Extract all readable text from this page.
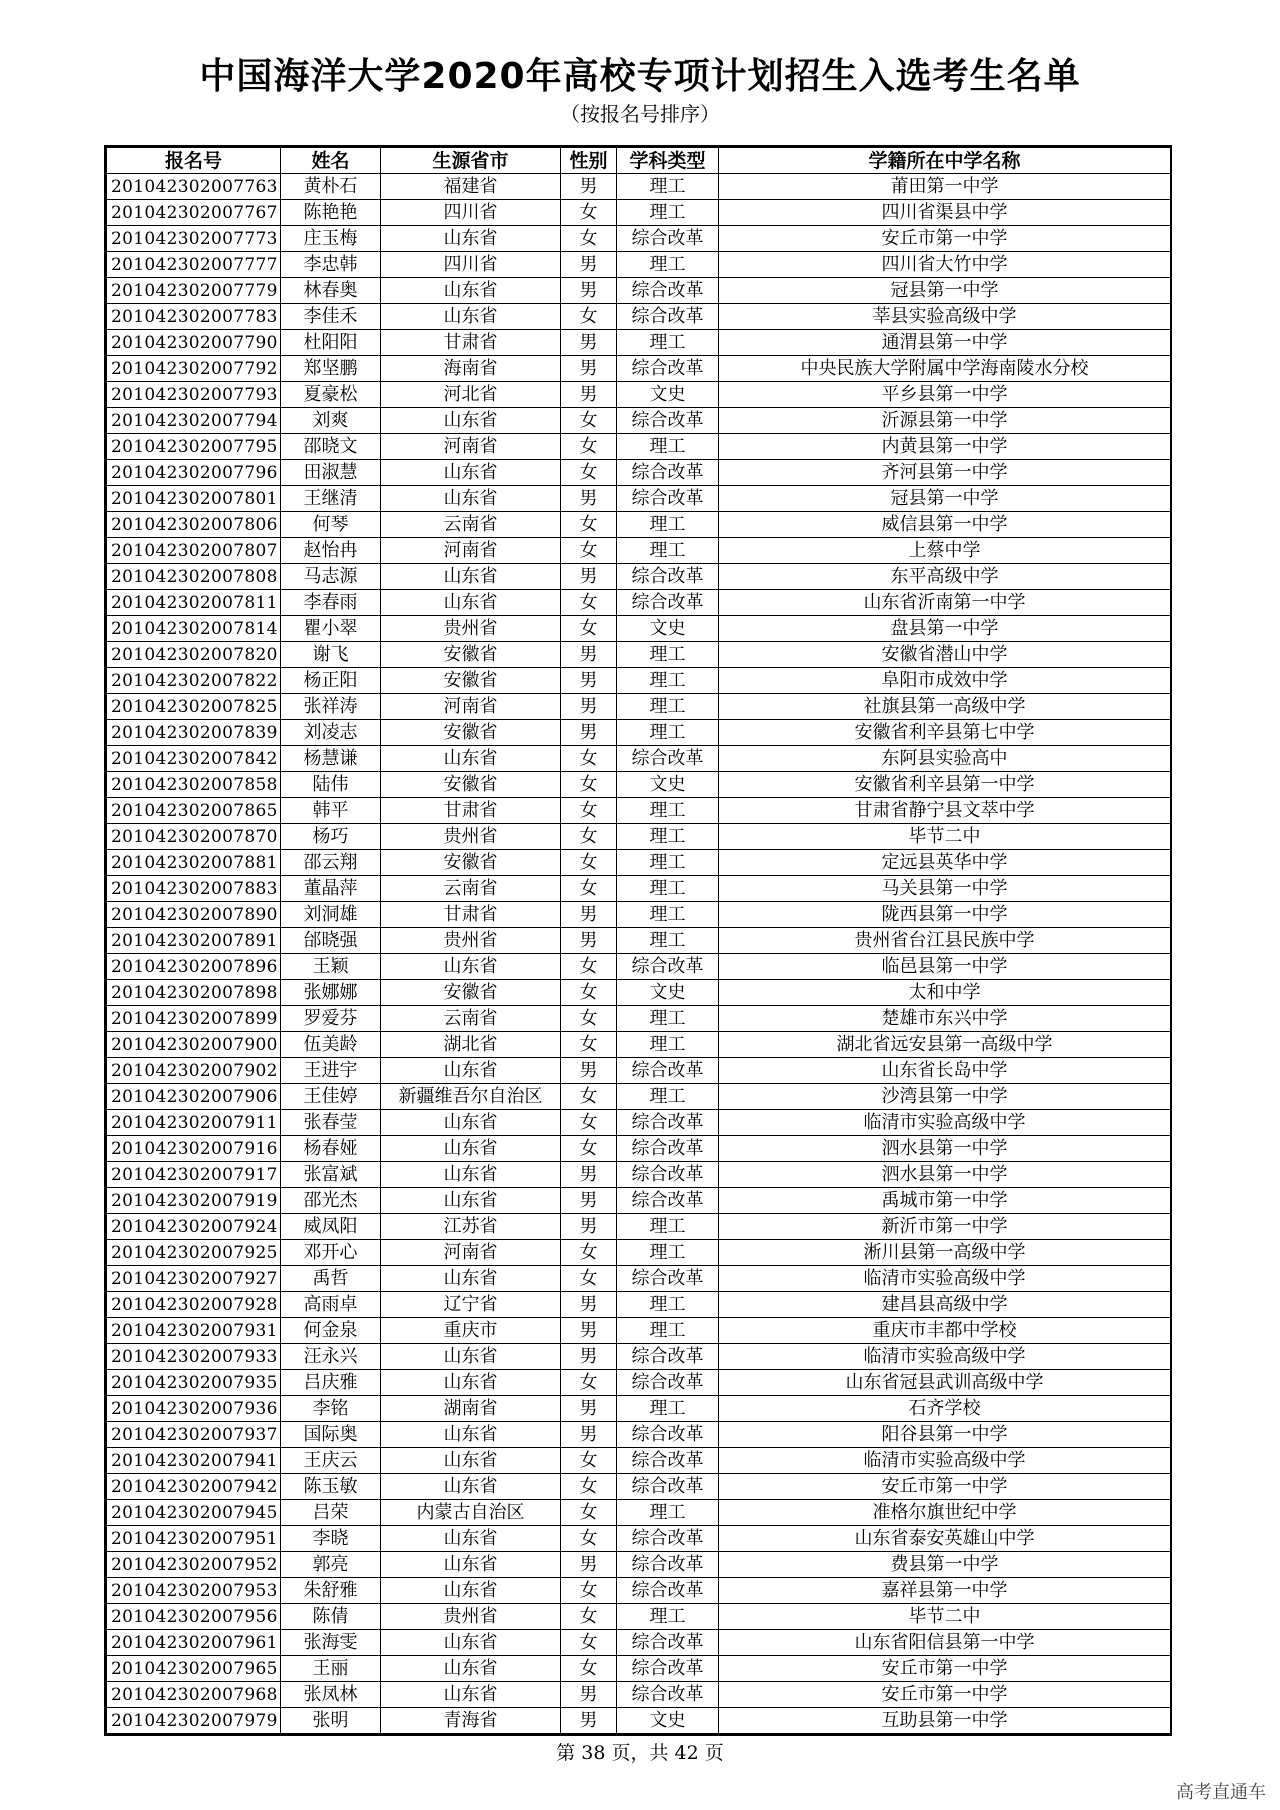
中国海洋大学2020年高校专项计划招生入选考生名单
（按报名号排序）
报名号	姓名	生源省市	性别	学科类型	学籍所在中学名称
201042302007763	黄朴石	福建省	男	理工	莆田第一中学
201042302007767	陈艳艳	四川省	女	理工	四川省渠县中学
201042302007773	庄玉梅	山东省	女	综合改革	安丘市第一中学
201042302007777	李忠韩	四川省	男	理工	四川省大竹中学
201042302007779	林春奥	山东省	男	综合改革	冠县第一中学
201042302007783	李佳禾	山东省	女	综合改革	莘县实验高级中学
201042302007790	杜阳阳	甘肃省	男	理工	通渭县第一中学
201042302007792	郑坚鹏	海南省	男	综合改革	中央民族大学附属中学海南陵水分校
201042302007793	夏豪松	河北省	男	文史	平乡县第一中学
201042302007794	刘爽	山东省	女	综合改革	沂源县第一中学
201042302007795	邵晓文	河南省	女	理工	内黄县第一中学
201042302007796	田淑慧	山东省	女	综合改革	齐河县第一中学
201042302007801	王继清	山东省	男	综合改革	冠县第一中学
201042302007806	何琴	云南省	女	理工	威信县第一中学
201042302007807	赵怡冉	河南省	女	理工	上蔡中学
201042302007808	马志源	山东省	男	综合改革	东平高级中学
201042302007811	李春雨	山东省	女	综合改革	山东省沂南第一中学
201042302007814	瞿小翠	贵州省	女	文史	盘县第一中学
201042302007820	谢飞	安徽省	男	理工	安徽省潜山中学
201042302007822	杨正阳	安徽省	男	理工	阜阳市成效中学
201042302007825	张祥涛	河南省	男	理工	社旗县第一高级中学
201042302007839	刘凌志	安徽省	男	理工	安徽省利辛县第七中学
201042302007842	杨慧谦	山东省	女	综合改革	东阿县实验高中
201042302007858	陆伟	安徽省	女	文史	安徽省利辛县第一中学
201042302007865	韩平	甘肃省	女	理工	甘肃省静宁县文萃中学
201042302007870	杨巧	贵州省	女	理工	毕节二中
201042302007881	邵云翔	安徽省	女	理工	定远县英华中学
201042302007883	董晶萍	云南省	女	理工	马关县第一中学
201042302007890	刘洞雄	甘肃省	男	理工	陇西县第一中学
201042302007891	邰晓强	贵州省	男	理工	贵州省台江县民族中学
201042302007896	王颖	山东省	女	综合改革	临邑县第一中学
201042302007898	张娜娜	安徽省	女	文史	太和中学
201042302007899	罗爱芬	云南省	女	理工	楚雄市东兴中学
201042302007900	伍美龄	湖北省	女	理工	湖北省远安县第一高级中学
201042302007902	王进宇	山东省	男	综合改革	山东省长岛中学
201042302007906	王佳婷	新疆维吾尔自治区	女	理工	沙湾县第一中学
201042302007911	张春莹	山东省	女	综合改革	临清市实验高级中学
201042302007916	杨春娅	山东省	女	综合改革	泗水县第一中学
201042302007917	张富斌	山东省	男	综合改革	泗水县第一中学
201042302007919	邵光杰	山东省	男	综合改革	禹城市第一中学
201042302007924	威凤阳	江苏省	男	理工	新沂市第一中学
201042302007925	邓开心	河南省	女	理工	淅川县第一高级中学
201042302007927	禹哲	山东省	女	综合改革	临清市实验高级中学
201042302007928	高雨卓	辽宁省	男	理工	建昌县高级中学
201042302007931	何金泉	重庆市	男	理工	重庆市丰都中学校
201042302007933	汪永兴	山东省	男	综合改革	临清市实验高级中学
201042302007935	吕庆雅	山东省	女	综合改革	山东省冠县武训高级中学
201042302007936	李铭	湖南省	男	理工	石齐学校
201042302007937	国际奥	山东省	男	综合改革	阳谷县第一中学
201042302007941	王庆云	山东省	女	综合改革	临清市实验高级中学
201042302007942	陈玉敏	山东省	女	综合改革	安丘市第一中学
201042302007945	吕荣	内蒙古自治区	女	理工	准格尔旗世纪中学
201042302007951	李晓	山东省	女	综合改革	山东省泰安英雄山中学
201042302007952	郭亮	山东省	男	综合改革	费县第一中学
201042302007953	朱舒雅	山东省	女	综合改革	嘉祥县第一中学
201042302007956	陈倩	贵州省	女	理工	毕节二中
201042302007961	张海雯	山东省	女	综合改革	山东省阳信县第一中学
201042302007965	王丽	山东省	女	综合改革	安丘市第一中学
201042302007968	张凤林	山东省	男	综合改革	安丘市第一中学
201042302007979	张明	青海省	男	文史	互助县第一中学
第 38 页，共 42 页
高考直通车
